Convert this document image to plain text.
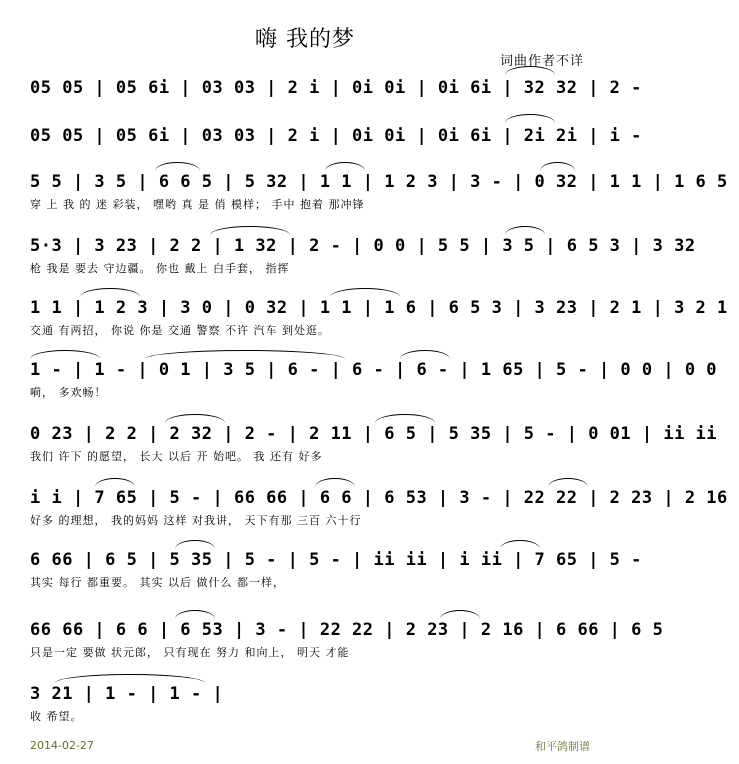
嗨 我的梦
词曲作者不详
05 05 | 05 6i | 03 03 | 2 i | 0i 0i | 0i 6i | 32 32 | 2 -
05 05 | 05 6i | 03 03 | 2 i | 0i 0i | 0i 6i | 2i 2i | i -
5 5 | 3 5 | 6 6 5 | 5 32 | 1 1 | 1 2 3 | 3 - | 0 32 | 1 1 | 1 6 5
穿 上 我 的 迷 彩装， 嘿哟 真 是 俏 模样； 手中 抱着 那冲锋
5·3 | 3 23 | 2 2 | 1 32 | 2 - | 0 0 | 5 5 | 3 5 | 6 5 3 | 3 32
枪 我是 要去 守边疆。 你也 戴上 白手套， 指挥
1 1 | 1 2 3 | 3 0 | 0 32 | 1 1 | 1 6 | 6 5 3 | 3 23 | 2 1 | 3 2 1
交通 有两招， 你说 你是 交通 警察 不许 汽车 到处逛。
1 - | 1 - | 0 1 | 3 5 | 6 - | 6 - | 6 - | 1 65 | 5 - | 0 0 | 0 0
嗬， 多欢畅！
0 23 | 2 2 | 2 32 | 2 - | 2 11 | 6 5 | 5 35 | 5 - | 0 01 | ii ii
我们 许下 的愿望， 长大 以后 开 始吧。 我 还有 好多
i i | 7 65 | 5 - | 66 66 | 6 6 | 6 53 | 3 - | 22 22 | 2 23 | 2 16
好多 的理想， 我的妈妈 这样 对我讲， 天下有那 三百 六十行
6 66 | 6 5 | 5 35 | 5 - | 5 - | ii ii | i ii | 7 65 | 5 -
其实 每行 都重要。 其实 以后 做什么 都一样，
66 66 | 6 6 | 6 53 | 3 - | 22 22 | 2 23 | 2 16 | 6 66 | 6 5
只是一定 要做 状元郎， 只有现在 努力 和向上， 明天 才能
3 21 | 1 - | 1 - |
收 希望。
2014-02-27	和平鸽制谱
